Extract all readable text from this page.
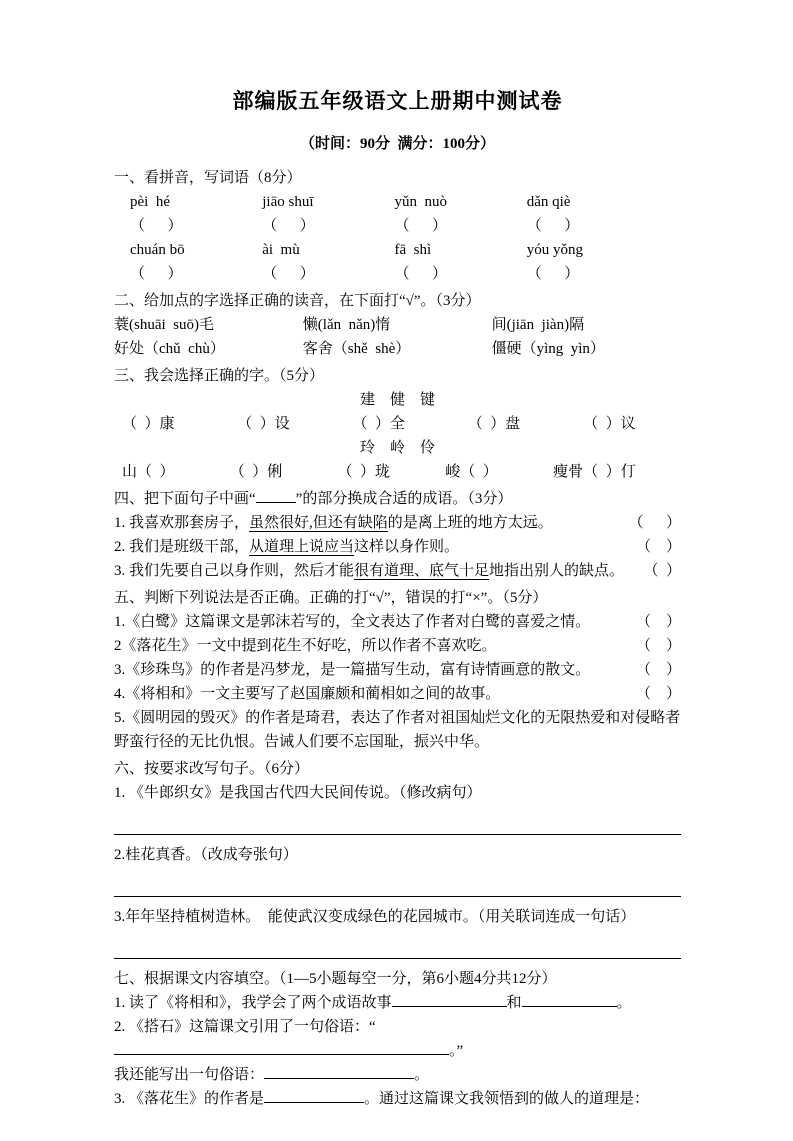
部编版五年级语文上册期中测试卷

（时间：90分  满分：100分）

一、看拼音，写词语（8分）

pèi  hé	jiāo shuī	yǔn  nuò	dǎn qiè
（      ）	（      ）	（      ）	（      ）
chuán bō	ài  mù	fā  shì	yóu yǒng
（      ）	（      ）	（      ）	（      ）

二、给加点的字选择正确的读音，在下面打“√”。（3分）

蓑(shuāi  suō)毛	懒(lǎn  nǎn)惰	间(jiān  jiàn)隔
好处（chǔ  chù）	客舍（shě  shè）	僵硬（yìng  yìn）

三、我会选择正确的字。（5分）

建    健    键

（  ）康	（  ）设	（  ）全	（  ）盘	（  ）议

玲    岭    伶

山（  ）	（  ）俐	（  ）珑	峻（  ）	瘦骨（  ）仃

四、把下面句子中画“	”的部分换成合适的成语。（3分）

1. 我喜欢那套房子，虽然很好,但还有缺陷的是离上班的地方太远。	（      ）
2. 我们是班级干部，从道理上说应当这样以身作则。	（    ）
3. 我们先要自己以身作则，然后才能很有道理、底气十足地指出别人的缺点。	（  ）

五、判断下列说法是否正确。正确的打“√”，错误的打“×”。（5分）

1.《白鹭》这篇课文是郭沫若写的，全文表达了作者对白鹭的喜爱之情。	（    ）
2《落花生》一文中提到花生不好吃，所以作者不喜欢吃。	（    ）
3.《珍珠鸟》的作者是冯梦龙，是一篇描写生动，富有诗情画意的散文。	（    ）
4.《将相和》一文主要写了赵国廉颇和蔺相如之间的故事。	（    ）
5.《圆明园的毁灭》的作者是琦君，表达了作者对祖国灿烂文化的无限热爱和对侵略者野蛮行径的无比仇恨。告诫人们要不忘国耻，振兴中华。

六、按要求改写句子。（6分）

1. 《牛郎织女》是我国古代四大民间传说。（修改病句）

2.桂花真香。（改成夸张句）

3.年年坚持植树造林。  能使武汉变成绿色的花园城市。（用关联词连成一句话）

七、根据课文内容填空。（1—5小题每空一分，第6小题4分共12分）

1. 读了《将相和》，我学会了两个成语故事	和	。

2. 《搭石》这篇课文引用了一句俗语：“。”

我还能写出一句俗语：	。

3. 《落花生》的作者是	。通过这篇课文我领悟到的做人的道理是：
